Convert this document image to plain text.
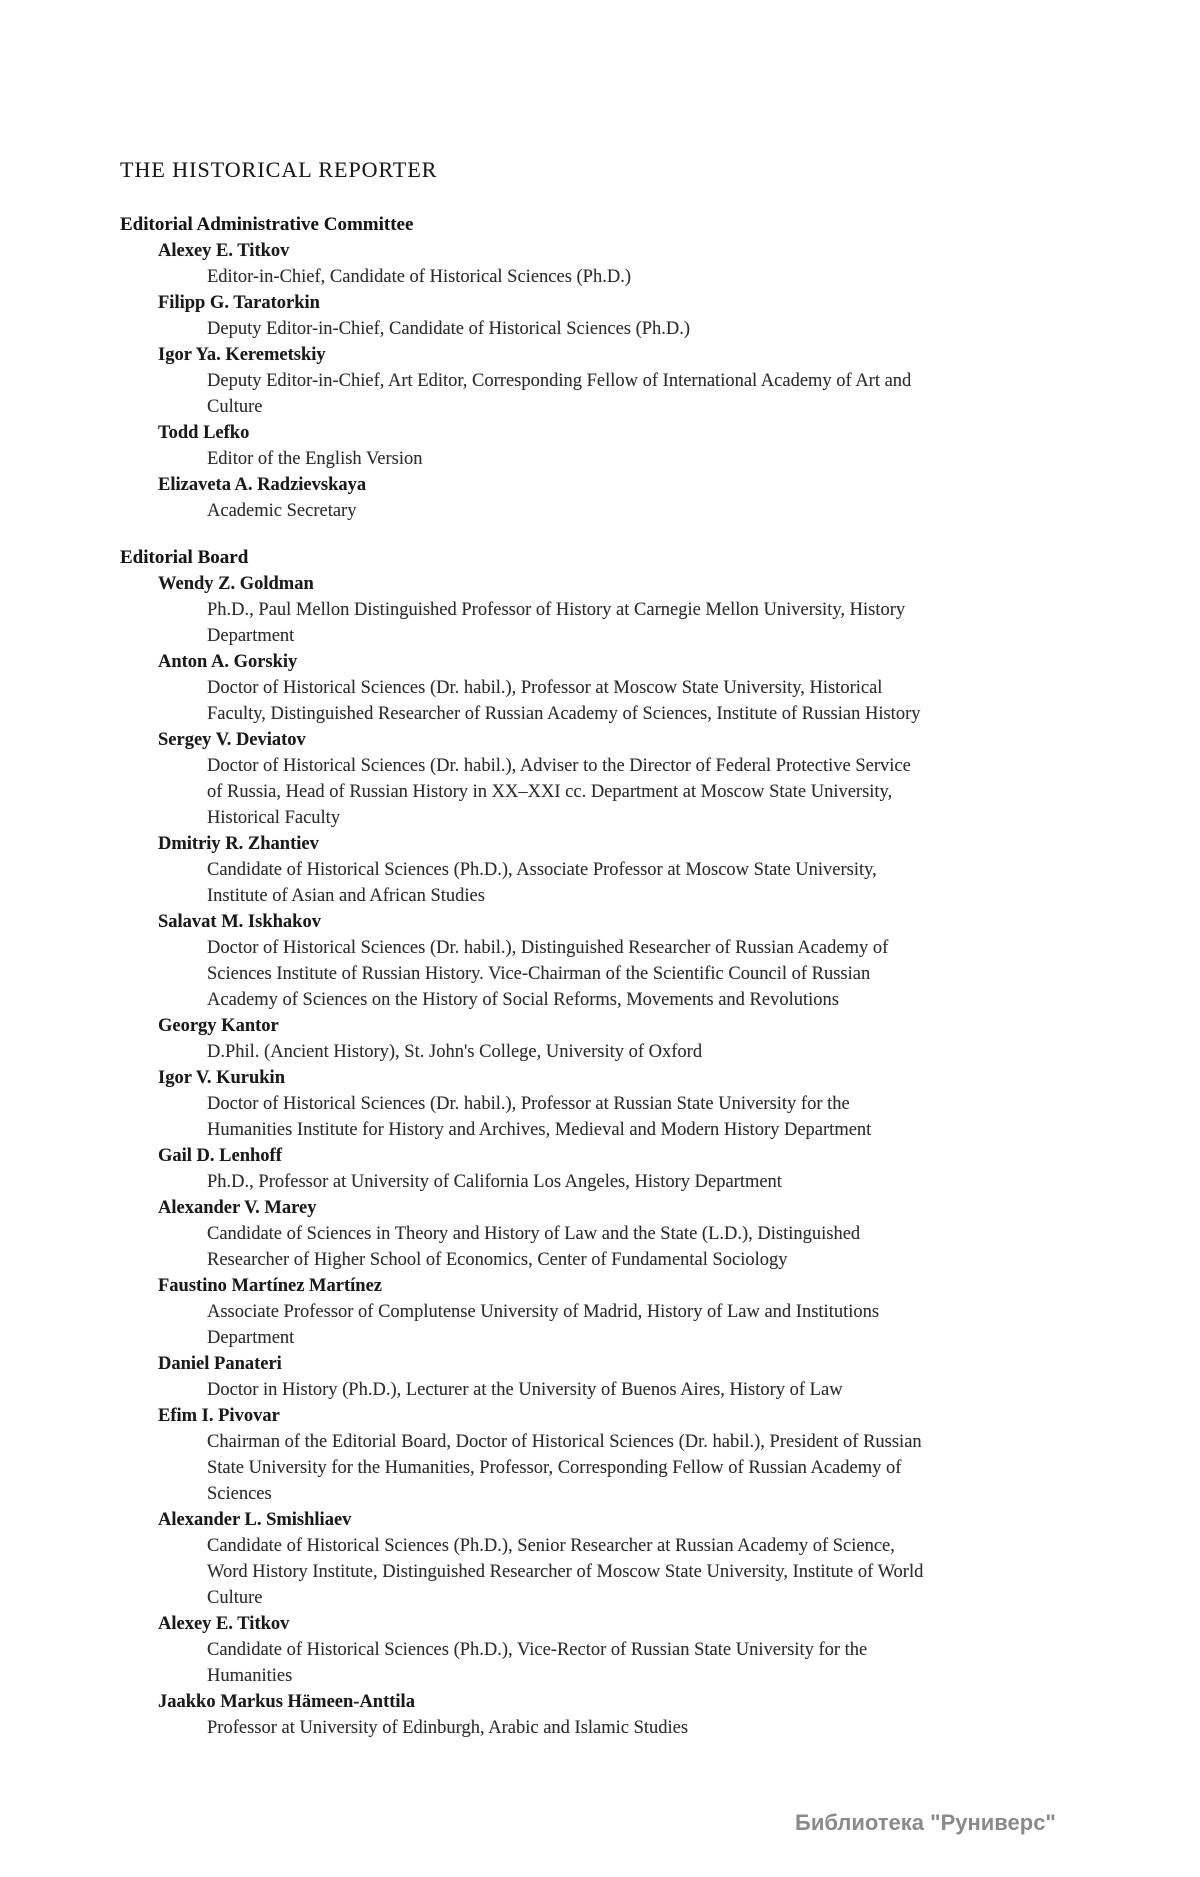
THE HISTORICAL REPORTER
Editorial Administrative Committee
Alexey E. Titkov
Editor-in-Chief, Candidate of Historical Sciences (Ph.D.)
Filipp G. Taratorkin
Deputy Editor-in-Chief, Candidate of Historical Sciences (Ph.D.)
Igor Ya. Keremetskiy
Deputy Editor-in-Chief, Art Editor, Corresponding Fellow of International Academy of Art and Culture
Todd Lefko
Editor of the English Version
Elizaveta A. Radzievskaya
Academic Secretary
Editorial Board
Wendy Z. Goldman
Ph.D., Paul Mellon Distinguished Professor of History at Carnegie Mellon University, History Department
Anton A. Gorskiy
Doctor of Historical Sciences (Dr. habil.), Professor at Moscow State University, Historical Faculty, Distinguished Researcher of Russian Academy of Sciences, Institute of Russian History
Sergey V. Deviatov
Doctor of Historical Sciences (Dr. habil.), Adviser to the Director of Federal Protective Service of Russia, Head of Russian History in XX–XXI cc. Department at Moscow State University, Historical Faculty
Dmitriy R. Zhantiev
Candidate of Historical Sciences (Ph.D.), Associate Professor at Moscow State University, Institute of Asian and African Studies
Salavat M. Iskhakov
Doctor of Historical Sciences (Dr. habil.), Distinguished Researcher of Russian Academy of Sciences Institute of Russian History. Vice-Chairman of the Scientific Council of Russian Academy of Sciences on the History of Social Reforms, Movements and Revolutions
Georgy Kantor
D.Phil. (Ancient History), St. John's College, University of Oxford
Igor V. Kurukin
Doctor of Historical Sciences (Dr. habil.), Professor at Russian State University for the Humanities Institute for History and Archives, Medieval and Modern History Department
Gail D. Lenhoff
Ph.D., Professor at University of California Los Angeles, History Department
Alexander V. Marey
Candidate of Sciences in Theory and History of Law and the State (L.D.), Distinguished Researcher of Higher School of Economics, Center of Fundamental Sociology
Faustino Martínez Martínez
Associate Professor of Complutense University of Madrid, History of Law and Institutions Department
Daniel Panateri
Doctor in History (Ph.D.), Lecturer at the University of Buenos Aires, History of Law
Efim I. Pivovar
Chairman of the Editorial Board, Doctor of Historical Sciences (Dr. habil.), President of Russian State University for the Humanities, Professor, Corresponding Fellow of Russian Academy of Sciences
Alexander L. Smishliaev
Candidate of Historical Sciences (Ph.D.), Senior Researcher at Russian Academy of Science, Word History Institute, Distinguished Researcher of Moscow State University, Institute of World Culture
Alexey E. Titkov
Candidate of Historical Sciences (Ph.D.), Vice-Rector of Russian State University for the Humanities
Jaakko Markus Hämeen-Anttila
Professor at University of Edinburgh, Arabic and Islamic Studies
Библиотека "Руниверс"
